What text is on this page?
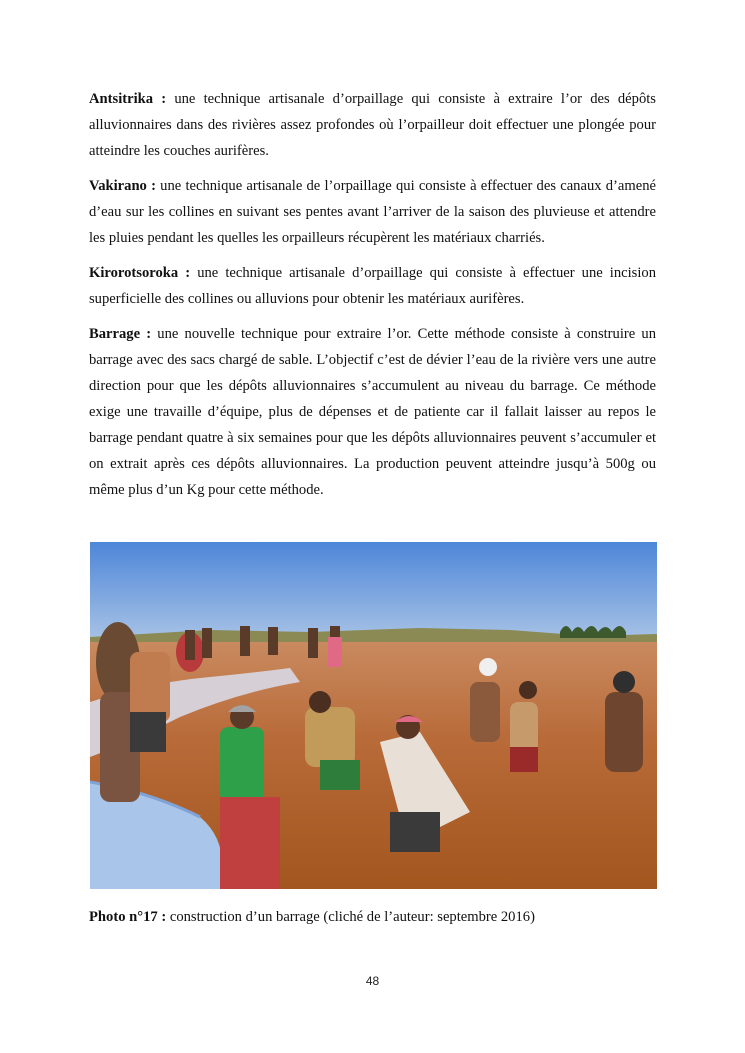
Antsitrika : une technique artisanale d’orpaillage qui consiste à extraire l’or des dépôts alluvionnaires dans des rivières assez profondes où l’orpailleur doit effectuer une plongée pour atteindre les couches aurifères.

Vakirano : une technique artisanale de l’orpaillage qui consiste à effectuer des canaux d’amené d’eau sur les collines en suivant ses pentes avant l’arriver de la saison des pluvieuse et attendre les pluies pendant les quelles les orpailleurs récupèrent les matériaux charriés.

Kirorotsoroka : une technique artisanale d’orpaillage qui consiste à effectuer une incision superficielle des collines ou alluvions pour obtenir les matériaux aurifères.

Barrage : une nouvelle technique pour extraire l’or. Cette méthode consiste à construire un barrage avec des sacs chargé de sable. L’objectif c’est de dévier l’eau de la rivière vers une autre direction pour que les dépôts alluvionnaires s’accumulent au niveau du barrage. Ce méthode exige une travaille d’équipe, plus de dépenses et de patiente car il fallait laisser au repos le barrage pendant quatre à six semaines pour que les dépôts alluvionnaires peuvent s’accumuler et on extrait après ces dépôts alluvionnaires. La production peuvent atteindre jusqu’à 500g ou même plus d’un Kg pour cette méthode.

Photo n°17 : construction d’un barrage (cliché de l’auteur: septembre 2016)
48
